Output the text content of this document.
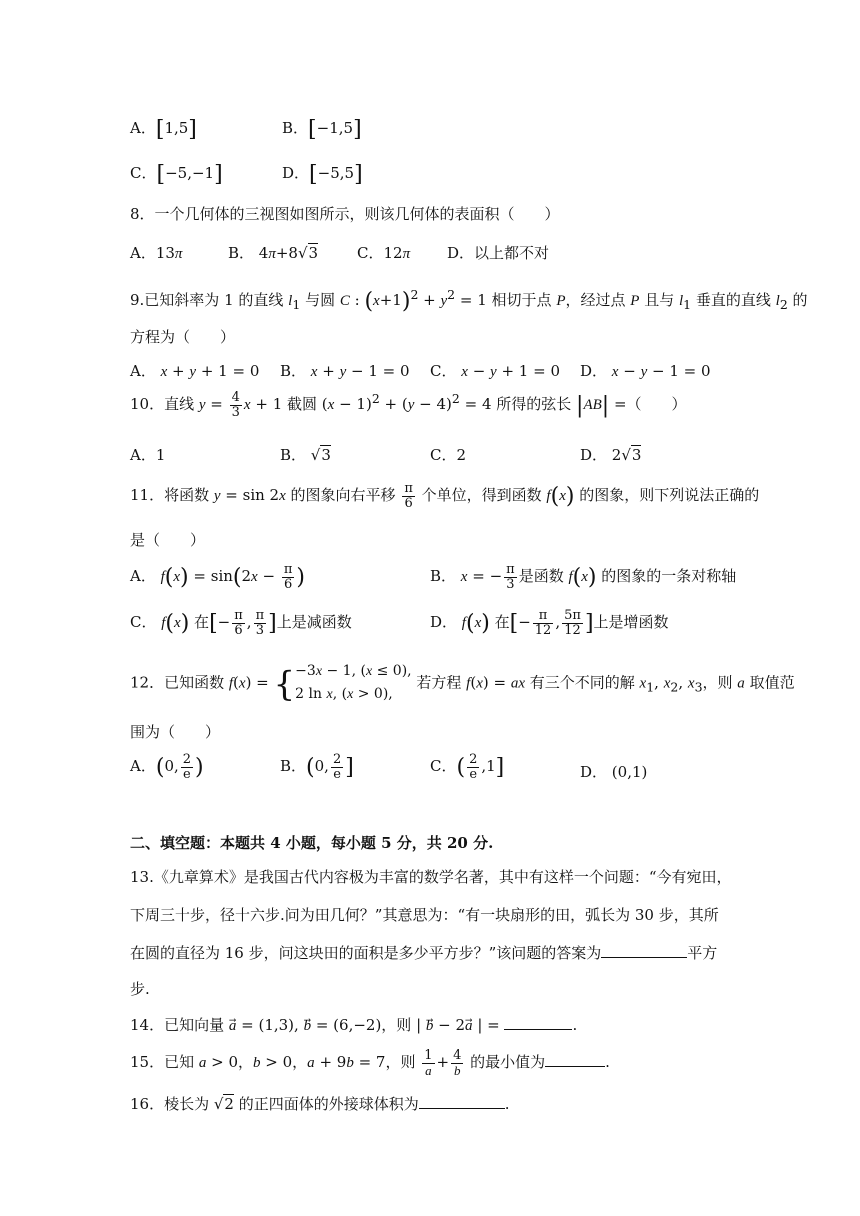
A．[1,5]	B．[−1,5]
C．[−5,−1]	D．[−5,5]
8．一个几何体的三视图如图所示，则该几何体的表面积（　　）
A．13π	B． 4π+8√3	C．12π D．以上都不对
9.已知斜率为 1 的直线 $l_1$ 与圆 C : $(x+1)^2 + y^2 = 1$ 相切于点 P，经过点 P 且与 $l_1$ 垂直的直线 $l_2$ 的
方程为（　　）
A． x + y + 1 = 0 B． x + y − 1 = 0 C． x − y + 1 = 0 D． x − y − 1 = 0
10．直线 $y = \frac{4}{3}$ x + 1 截圆 $(x - 1)^2 + (y - 4)^2 = 4$ 所得的弦长 |AB| =（　　）
A．1	B． √3	C．2	D． 2√3
11．将函数 y = sin 2x 的图象向右平移 $\frac{\pi}{6}$ 个单位，得到函数 f(x) 的图象，则下列说法正确的
是（　　）
A． $f(x) = \sin(2x - \frac{\pi}{6}$ )	B． x = − $\frac{\pi}{3}$ 是函数 f(x) 的图象的一条对称轴
C． f(x) 在[− $\frac{\pi}{6}$ , $\frac{\pi}{3}$ ]上是减函数	D． f(x) 在[− $\frac{\pi}{12}$ , $\frac{5\pi}{12}$ ]上是增函数
12．已知函数 f(x) = {−3x − 1, (x ≤ 0),
2 ln x, (x > 0), 若方程 f(x) = ax 有三个不同的解 $x_1$, $x_2$, $x_3$，则 a 取值范
围为（　　）
A．(0, $\frac{2}{e}$ )	B．(0, $\frac{2}{e}$ ]	C．( $\frac{2}{e} ,1$]	D． (0,1)
二、填空题：本题共 4 小题，每小题 5 分，共 20 分.
13.《九章算术》是我国古代内容极为丰富的数学名著，其中有这样一个问题：“今有宛田，
下周三十步，径十六步.问为田几何？”其意思为：“有一块扇形的田，弧长为 30 步，其所
在圆的直径为 16 步，问这块田的面积是多少平方步？”该问题的答案为	平方
步.
14．已知向量 a⃗ = (1,3), b⃗ = (6,−2)，则 | b⃗ − 2a⃗ | =	.
15．已知 a > 0，b > 0，a + 9b = 7，则 $\frac{1}{a} + \frac{4}{b}$ 的最小值为	.
16．棱长为 √2 的正四面体的外接球体积为	.
